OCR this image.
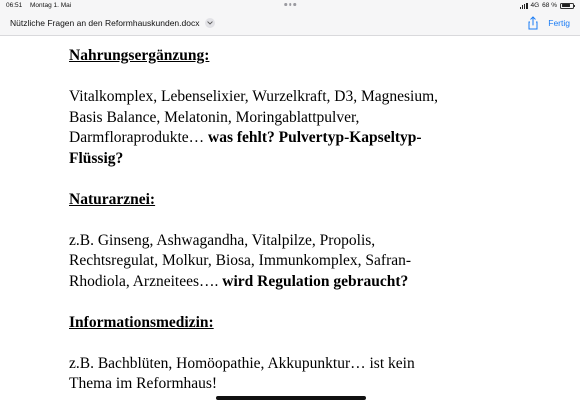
06:51 Montag 1. Mai	4G 68 %
Nützliche Fragen an den Reformhauskunden.docx	Fertig

Nahrungsergänzung:

Vitalkomplex, Lebenselixier, Wurzelkraft, D3, Magnesium,
Basis Balance, Melatonin, Moringablattpulver,
Darmfloraprodukte… was fehlt? Pulvertyp-Kapseltyp-
Flüssig?

Naturarznei:

z.B. Ginseng, Ashwagandha, Vitalpilze, Propolis,
Rechtsregulat, Molkur, Biosa, Immunkomplex, Safran-
Rhodiola, Arzneitees…. wird Regulation gebraucht?

Informationsmedizin:

z.B. Bachblüten, Homöopathie, Akkupunktur… ist kein
Thema im Reformhaus!
